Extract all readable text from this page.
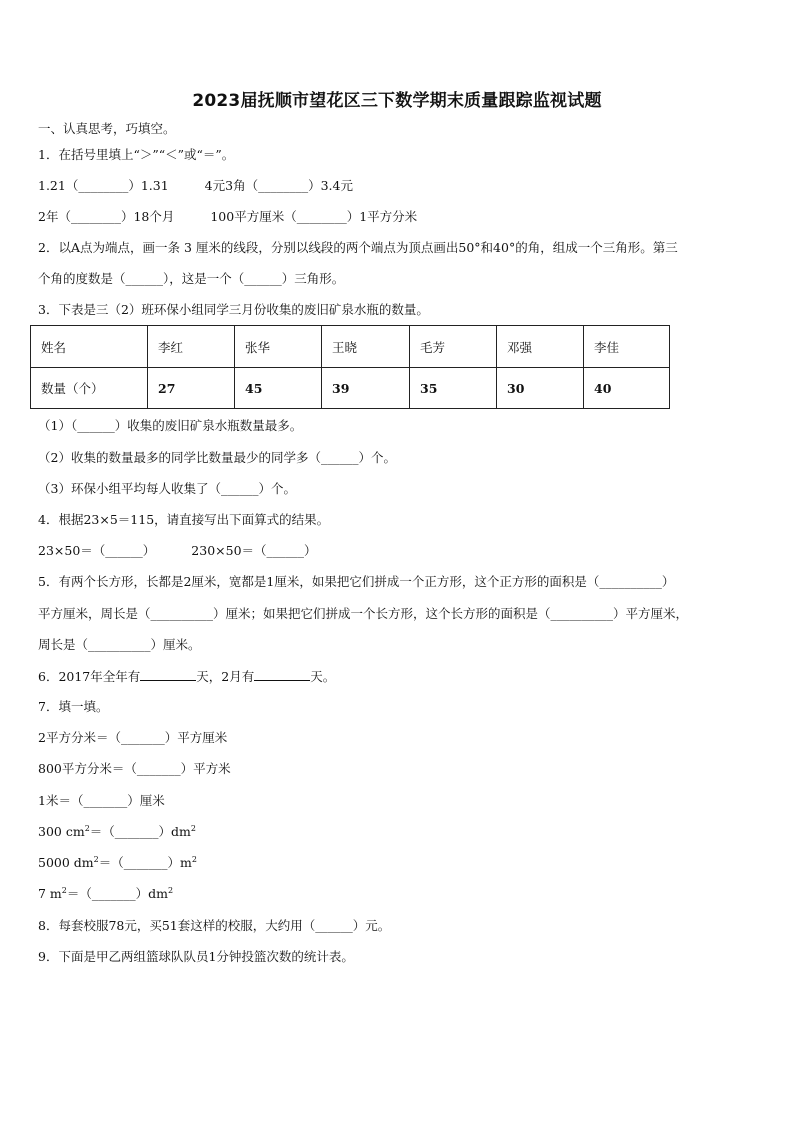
2023届抚顺市望花区三下数学期末质量跟踪监视试题
一、认真思考，巧填空。
1．在括号里填上“＞”“＜”或“＝”。
1.21（________）1.31	4元3角（________）3.4元
2年（________）18个月	100平方厘米（________）1平方分米
2．以A点为端点，画一条 3 厘米的线段，分别以线段的两个端点为顶点画出50°和40°的角，组成一个三角形。第三
个角的度数是（______），这是一个（______）三角形。
3．下表是三（2）班环保小组同学三月份收集的废旧矿泉水瓶的数量。
姓名	李红	张华	王晓	毛芳	邓强	李佳
数量（个）	27	45	39	35	30	40
（1）（______）收集的废旧矿泉水瓶数量最多。
（2）收集的数量最多的同学比数量最少的同学多（______）个。
（3）环保小组平均每人收集了（______）个。
4．根据23×5＝115，请直接写出下面算式的结果。
23×50＝（______）	230×50＝（______）
5．有两个长方形，长都是2厘米，宽都是1厘米，如果把它们拼成一个正方形，这个正方形的面积是（__________）
平方厘米，周长是（__________）厘米；如果把它们拼成一个长方形，这个长方形的面积是（__________）平方厘米，
周长是（__________）厘米。
6．2017年全年有	天，2月有	天。
7．填一填。
2平方分米＝（_______）平方厘米
800平方分米＝（_______）平方米
1米＝（_______）厘米
300 $cm^2=(\_\_\_\_\_\_\_)dm^2$
5000 $dm^2=(\_\_\_\_\_\_\_)m^2$
7 $m^2=(\_\_\_\_\_\_\_)dm^2$
8．每套校服78元，买51套这样的校服，大约用（______）元。
9．下面是甲乙两组篮球队队员1分钟投篮次数的统计表。
